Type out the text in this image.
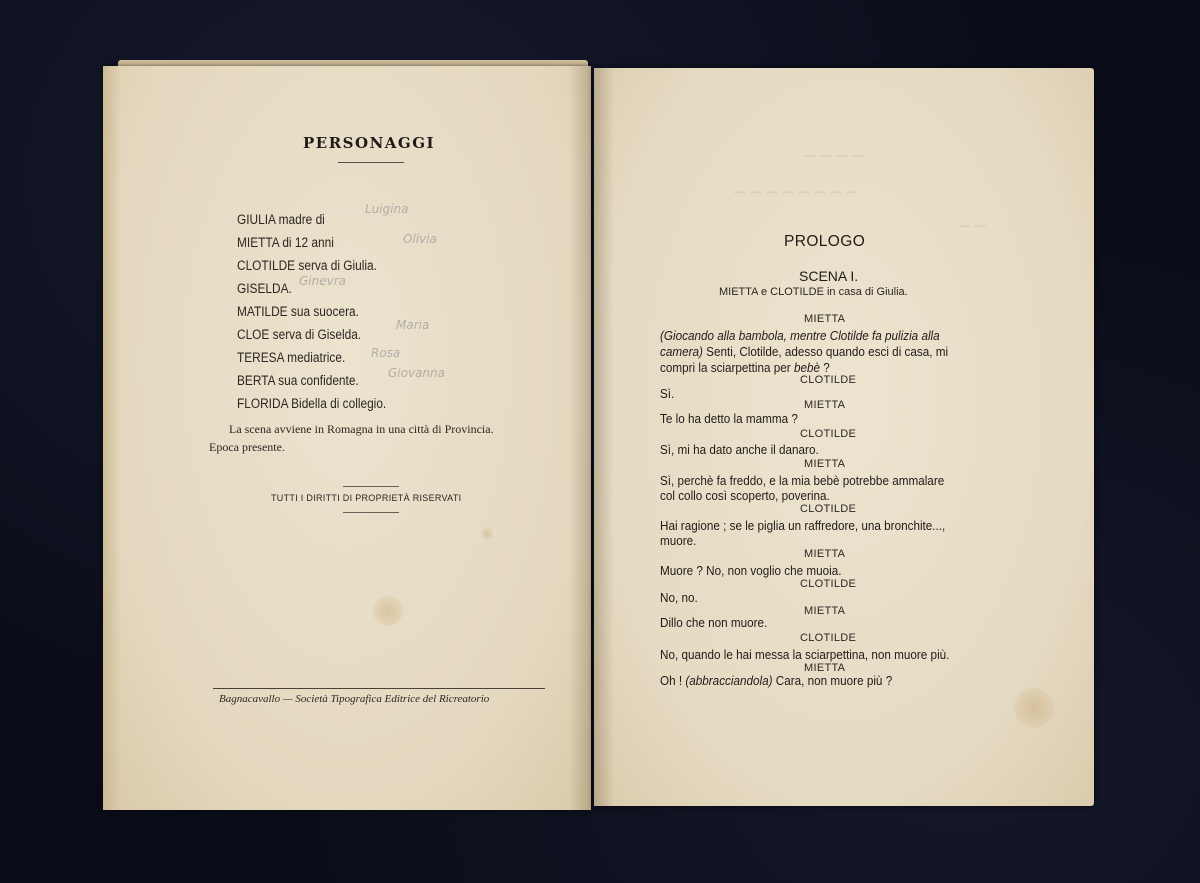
PERSONAGGI
GIULIA madre di
MIETTA di 12 anni
CLOTILDE serva di Giulia.
GISELDA.
MATILDE sua suocera.
CLOE serva di Giselda.
TERESA mediatrice.
BERTA sua confidente.
FLORIDA Bidella di collegio.
Luigina
Olivia
Ginevra
Maria
Rosa
Giovanna
La scena avviene in Romagna in una città di Provincia.
Epoca presente.
TUTTI I DIRITTI DI PROPRIETÀ RISERVATI
Bagnacavallo — Società Tipografica Editrice del Ricreatorio
— — — —
— — — — — — — —
— —
PROLOGO
SCENA I.
MIETTA e CLOTILDE in casa di Giulia.
MIETTA
(Giocando alla bambola, mentre Clotilde fa pulizia alla
camera) Senti, Clotilde, adesso quando esci di casa, mi
compri la sciarpettina per bebè ?
CLOTILDE
Sì.
MIETTA
Te lo ha detto la mamma ?
CLOTILDE
Sì, mi ha dato anche il danaro.
MIETTA
Sì, perchè fa freddo, e la mia bebè potrebbe ammalare
col collo così scoperto, poverina.
CLOTILDE
Hai ragione ; se le piglia un raffredore, una bronchite...,
muore.
MIETTA
Muore ? No, non voglio che muoia.
CLOTILDE
No, no.
MIETTA
Dillo che non muore.
CLOTILDE
No, quando le hai messa la sciarpettina, non muore più.
MIETTA
Oh ! (abbracciandola) Cara, non muore più ?
